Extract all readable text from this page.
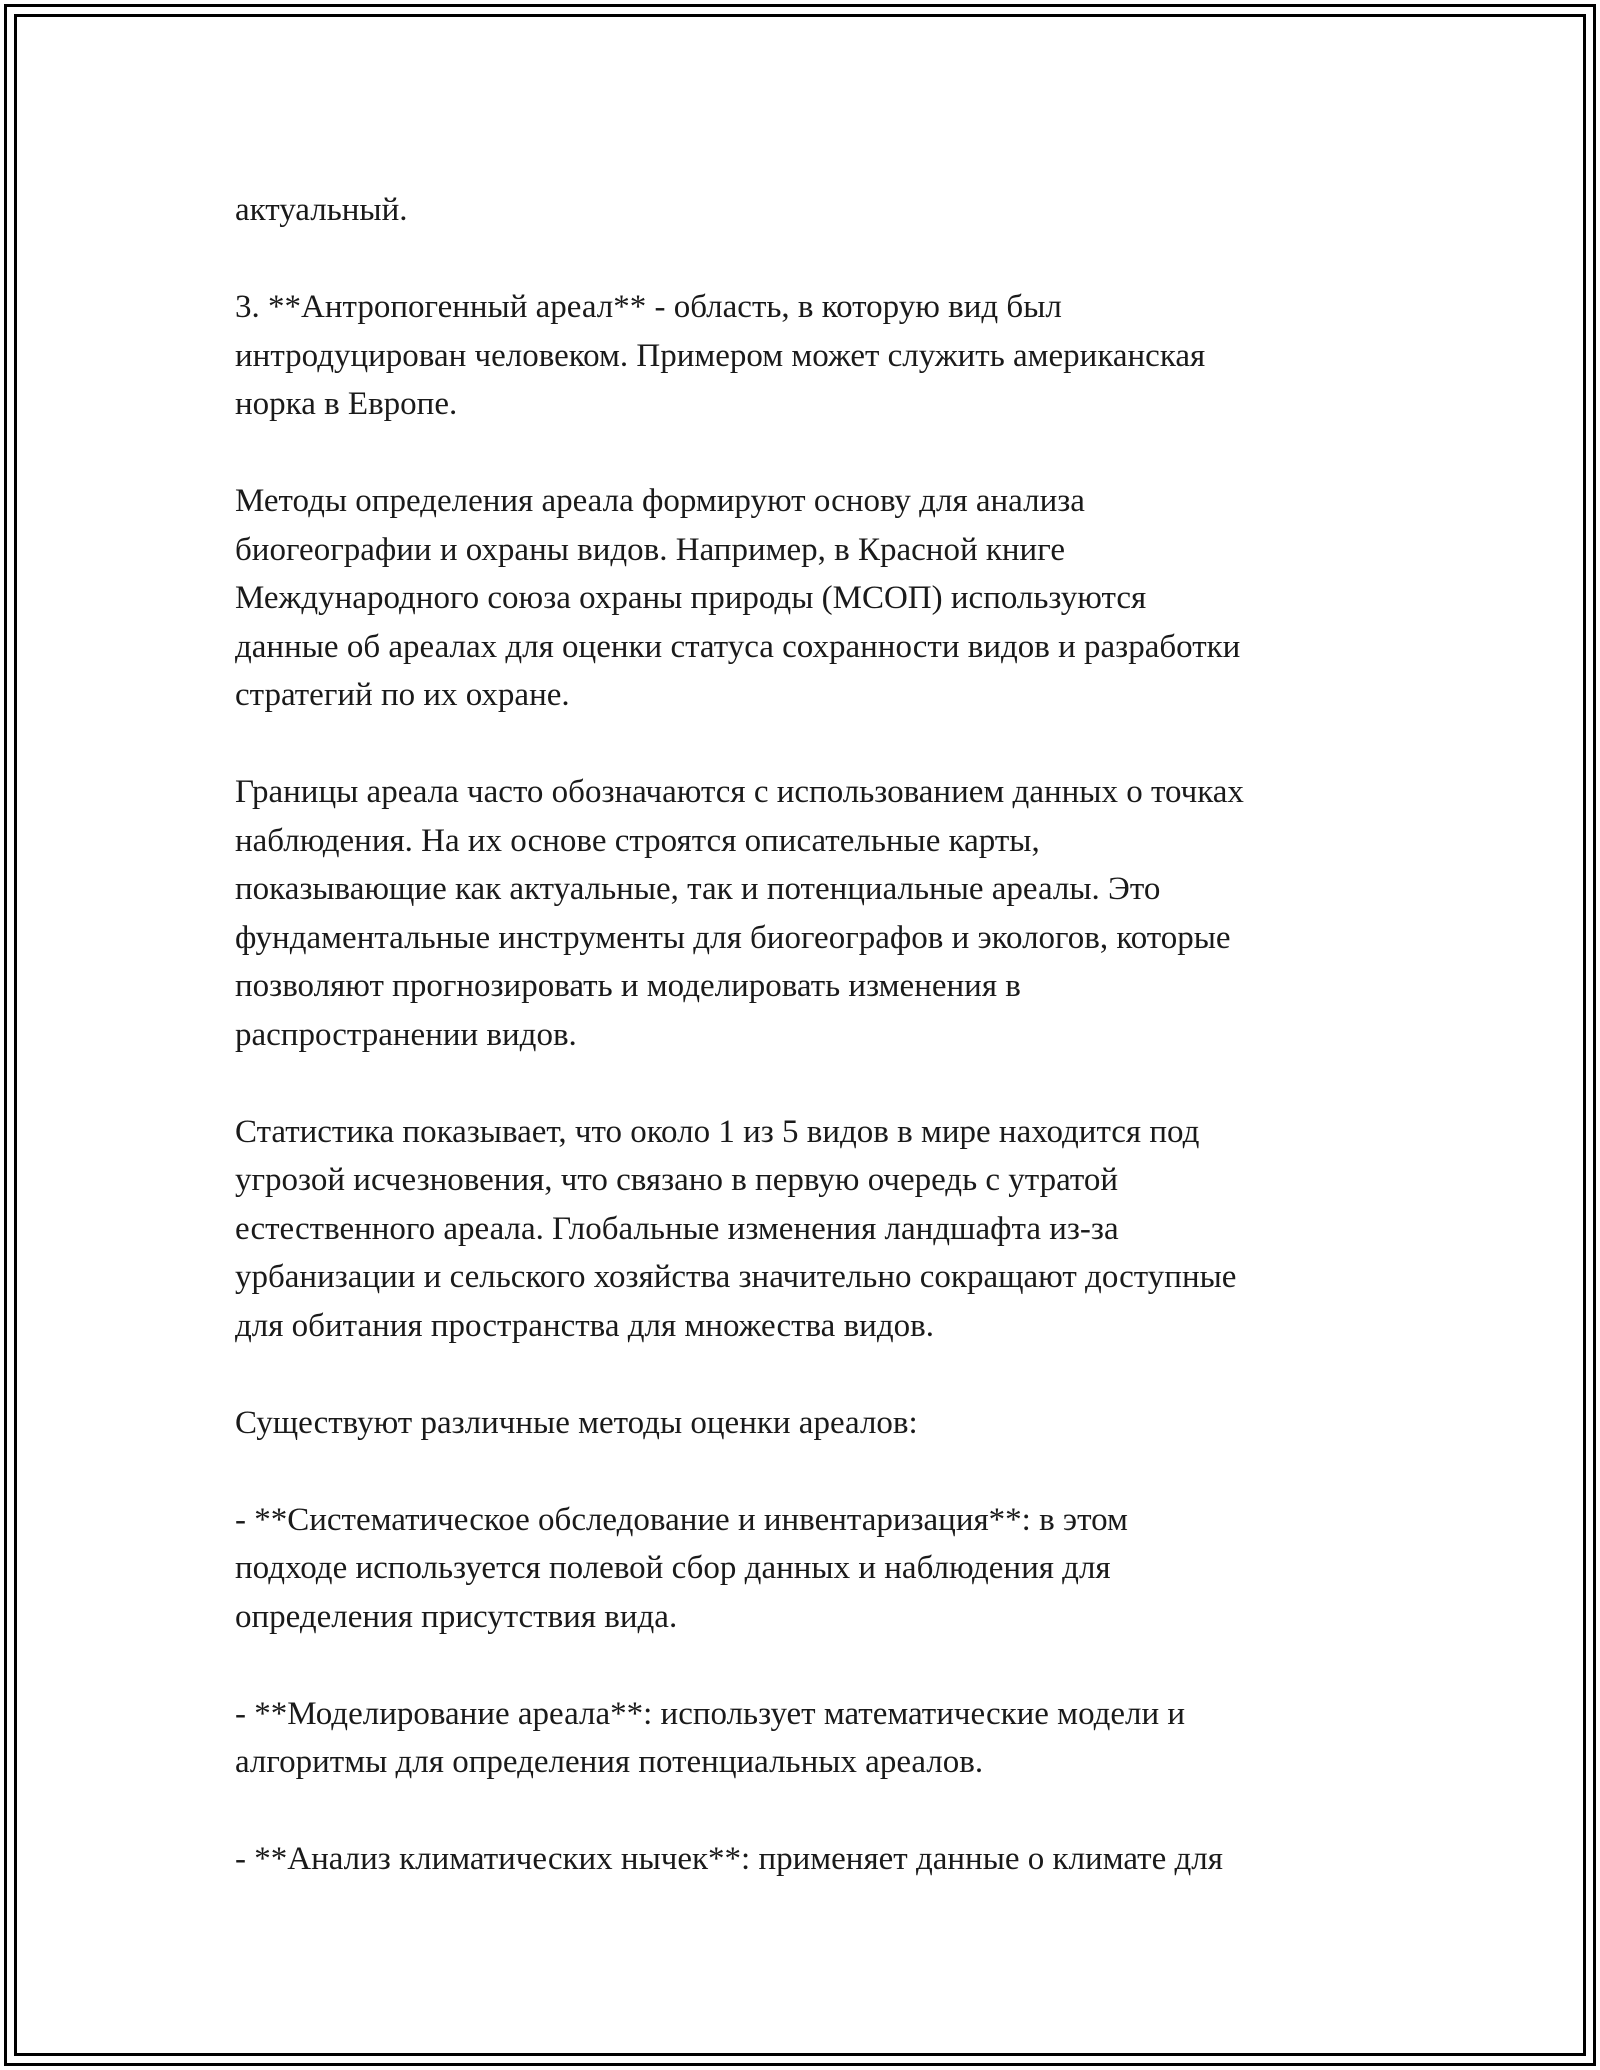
актуальный.

3. **Антропогенный ареал** - область, в которую вид был
интродуцирован человеком. Примером может служить американская
норка в Европе.

Методы определения ареала формируют основу для анализа
биогеографии и охраны видов. Например, в Красной книге
Международного союза охраны природы (МСОП) используются
данные об ареалах для оценки статуса сохранности видов и разработки
стратегий по их охране.

Границы ареала часто обозначаются с использованием данных о точках
наблюдения. На их основе строятся описательные карты,
показывающие как актуальные, так и потенциальные ареалы. Это
фундаментальные инструменты для биогеографов и экологов, которые
позволяют прогнозировать и моделировать изменения в
распространении видов.

Статистика показывает, что около 1 из 5 видов в мире находится под
угрозой исчезновения, что связано в первую очередь с утратой
естественного ареала. Глобальные изменения ландшафта из-за
урбанизации и сельского хозяйства значительно сокращают доступные
для обитания пространства для множества видов.

Существуют различные методы оценки ареалов:

- **Систематическое обследование и инвентаризация**: в этом
подходе используется полевой сбор данных и наблюдения для
определения присутствия вида.

- **Моделирование ареала**: использует математические модели и
алгоритмы для определения потенциальных ареалов.

- **Анализ климатических нычек**: применяет данные о климате для
